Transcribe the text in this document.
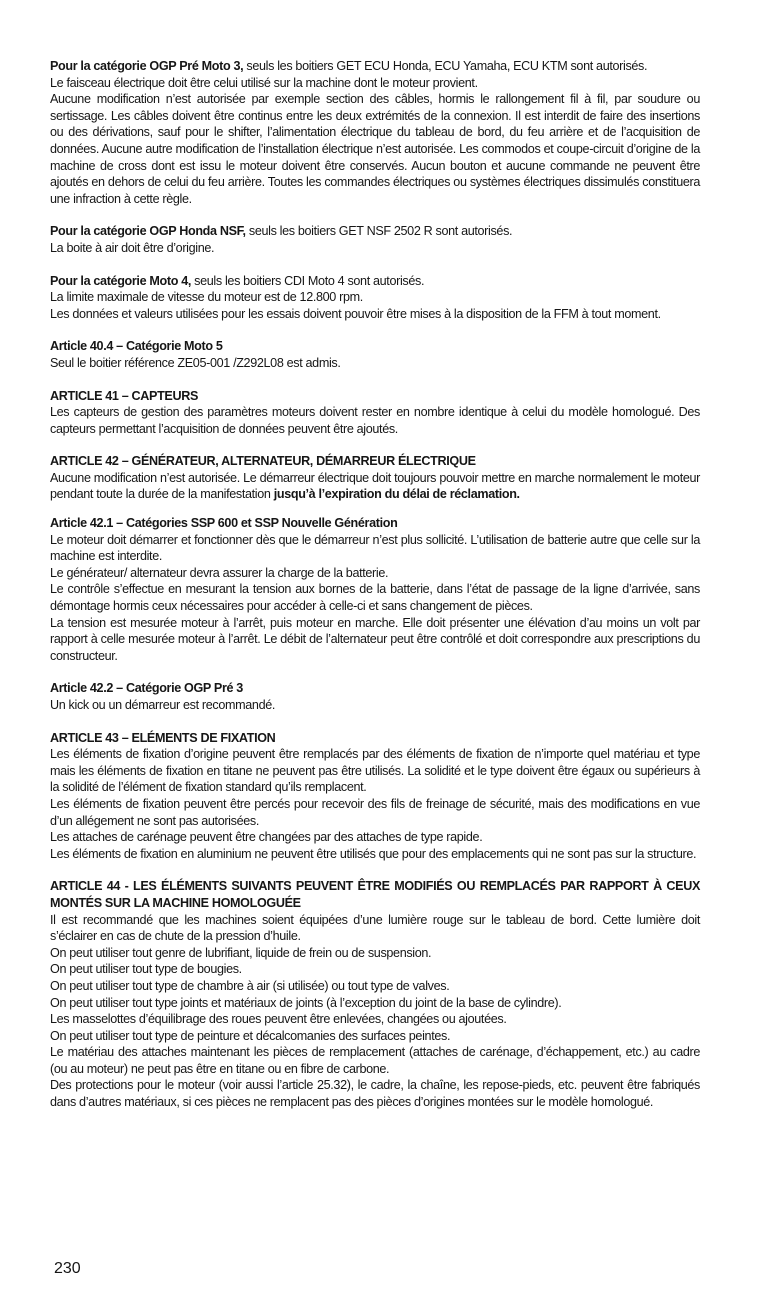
Pour la catégorie OGP Pré Moto 3, seuls les boitiers GET ECU Honda, ECU Yamaha, ECU KTM sont autorisés.

Le faisceau électrique doit être celui utilisé sur la machine dont le moteur provient.

Aucune modification n’est autorisée par exemple section des câbles, hormis le rallongement fil à fil, par soudure ou sertissage. Les câbles doivent être continus entre les deux extrémités de la connexion. Il est interdit de faire des insertions ou des dérivations, sauf pour le shifter, l’alimentation électrique du tableau de bord, du feu arrière et de l’acquisition de données. Aucune autre modification de l’installation électrique n’est autorisée. Les commodos et coupe-circuit d’origine de la machine de cross dont est issu le moteur doivent être conservés. Aucun bouton et aucune commande ne peuvent être ajoutés en dehors de celui du feu arrière. Toutes les commandes électriques ou systèmes électriques dissimulés constituera une infraction à cette règle.

Pour la catégorie OGP Honda NSF, seuls les boitiers GET NSF 2502 R sont autorisés.

La boite à air doit être d’origine.

Pour la catégorie Moto 4, seuls les boitiers CDI Moto 4 sont autorisés.

La limite maximale de vitesse du moteur est de 12.800 rpm.

Les données et valeurs utilisées pour les essais doivent pouvoir être mises à la disposition de la FFM à tout moment.

Article 40.4 – Catégorie Moto 5

Seul le boitier référence ZE05-001 /Z292L08 est admis.

ARTICLE 41 – CAPTEURS

Les capteurs de gestion des paramètres moteurs doivent rester en nombre identique à celui du modèle homologué. Des capteurs permettant l’acquisition de données peuvent être ajoutés.

ARTICLE 42 – GÉNÉRATEUR, ALTERNATEUR, DÉMARREUR ÉLECTRIQUE

Aucune modification n’est autorisée. Le démarreur électrique doit toujours pouvoir mettre en marche normalement le moteur pendant toute la durée de la manifestation jusqu’à l’expiration du délai de réclamation.

Article 42.1 – Catégories SSP 600 et SSP Nouvelle Génération

Le moteur doit démarrer et fonctionner dès que le démarreur n’est plus sollicité. L’utilisation de batterie autre que celle sur la machine est interdite.

Le générateur/ alternateur devra assurer la charge de la batterie.

Le contrôle s’effectue en mesurant la tension aux bornes de la batterie, dans l’état de passage de la ligne d’arrivée, sans démontage hormis ceux nécessaires pour accéder à celle-ci et sans changement de pièces.

La tension est mesurée moteur à l’arrêt, puis moteur en marche. Elle doit présenter une élévation d’au moins un volt par rapport à celle mesurée moteur à l’arrêt. Le débit de l’alternateur peut être contrôlé et doit correspondre aux prescriptions du constructeur.

Article 42.2 – Catégorie OGP Pré 3

Un kick ou un démarreur est recommandé.

ARTICLE 43 – ELÉMENTS DE FIXATION

Les éléments de fixation d’origine peuvent être remplacés par des éléments de fixation de n’importe quel matériau et type mais les éléments de fixation en titane ne peuvent pas être utilisés. La solidité et le type doivent être égaux ou supérieurs à la solidité de l’élément de fixation standard qu’ils remplacent.

Les éléments de fixation peuvent être percés pour recevoir des fils de freinage de sécurité, mais des modifications en vue d’un allégement ne sont pas autorisées.

Les attaches de carénage peuvent être changées par des attaches de type rapide.

Les éléments de fixation en aluminium ne peuvent être utilisés que pour des emplacements qui ne sont pas sur la structure.

ARTICLE 44 - LES ÉLÉMENTS SUIVANTS PEUVENT ÊTRE MODIFIÉS OU REMPLACÉS PAR RAPPORT À CEUX MONTÉS SUR LA MACHINE HOMOLOGUÉE

Il est recommandé que les machines soient équipées d’une lumière rouge sur le tableau de bord. Cette lumière doit s’éclairer en cas de chute de la pression d’huile.

On peut utiliser tout genre de lubrifiant, liquide de frein ou de suspension.

On peut utiliser tout type de bougies.

On peut utiliser tout type de chambre à air (si utilisée) ou tout type de valves.

On peut utiliser tout type joints et matériaux de joints (à l’exception du joint de la base de cylindre).

Les masselottes d’équilibrage des roues peuvent être enlevées, changées ou ajoutées.

On peut utiliser tout type de peinture et décalcomanies des surfaces peintes.

Le matériau des attaches maintenant les pièces de remplacement (attaches de carénage, d’échappement, etc.) au cadre (ou au moteur) ne peut pas être en titane ou en fibre de carbone.

Des protections pour le moteur (voir aussi l’article 25.32), le cadre, la chaîne, les repose-pieds, etc. peuvent être fabriqués dans d’autres matériaux, si ces pièces ne remplacent pas des pièces d’origines montées sur le modèle homologué.

230
